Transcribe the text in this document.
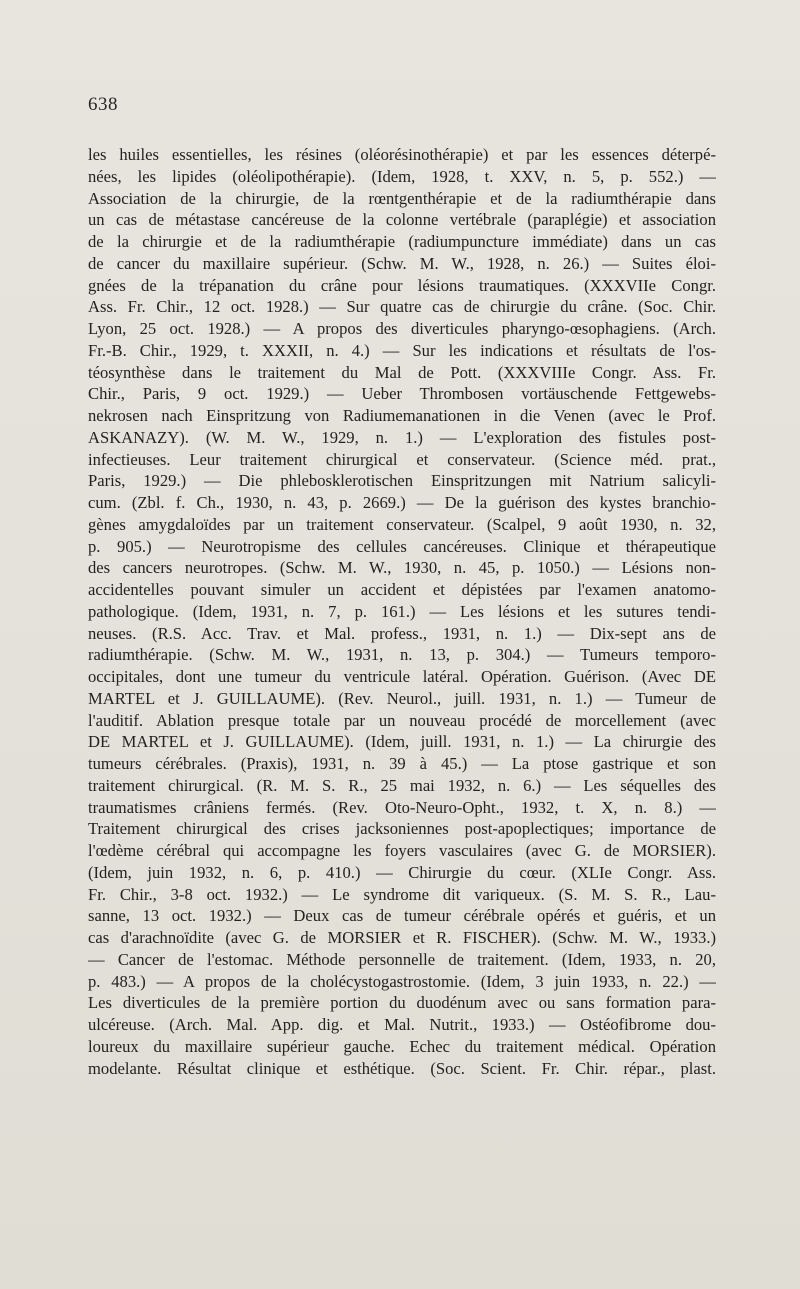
638
les huiles essentielles, les résines (oléorésinothérapie) et par les essences déterpé-
nées, les lipides (oléolipothérapie). (Idem, 1928, t. XXV, n. 5, p. 552.) —
Association de la chirurgie, de la rœntgenthérapie et de la radiumthérapie dans
un cas de métastase cancéreuse de la colonne vertébrale (paraplégie) et association
de la chirurgie et de la radiumthérapie (radiumpuncture immédiate) dans un cas
de cancer du maxillaire supérieur. (Schw. M. W., 1928, n. 26.) — Suites éloi-
gnées de la trépanation du crâne pour lésions traumatiques. (XXXVIIe Congr.
Ass. Fr. Chir., 12 oct. 1928.) — Sur quatre cas de chirurgie du crâne. (Soc. Chir.
Lyon, 25 oct. 1928.) — A propos des diverticules pharyngo-œsophagiens. (Arch.
Fr.-B. Chir., 1929, t. XXXII, n. 4.) — Sur les indications et résultats de l'os-
téosynthèse dans le traitement du Mal de Pott. (XXXVIIIe Congr. Ass. Fr.
Chir., Paris, 9 oct. 1929.) — Ueber Thrombosen vortäuschende Fettgewebs-
nekrosen nach Einspritzung von Radiumemanationen in die Venen (avec le Prof.
ASKANAZY). (W. M. W., 1929, n. 1.) — L'exploration des fistules post-
infectieuses. Leur traitement chirurgical et conservateur. (Science méd. prat.,
Paris, 1929.) — Die phlebosklerotischen Einspritzungen mit Natrium salicyli-
cum. (Zbl. f. Ch., 1930, n. 43, p. 2669.) — De la guérison des kystes branchio-
gènes amygdaloïdes par un traitement conservateur. (Scalpel, 9 août 1930, n. 32,
p. 905.) — Neurotropisme des cellules cancéreuses. Clinique et thérapeutique
des cancers neurotropes. (Schw. M. W., 1930, n. 45, p. 1050.) — Lésions non-
accidentelles pouvant simuler un accident et dépistées par l'examen anatomo-
pathologique. (Idem, 1931, n. 7, p. 161.) — Les lésions et les sutures tendi-
neuses. (R.S. Acc. Trav. et Mal. profess., 1931, n. 1.) — Dix-sept ans de
radiumthérapie. (Schw. M. W., 1931, n. 13, p. 304.) — Tumeurs temporo-
occipitales, dont une tumeur du ventricule latéral. Opération. Guérison. (Avec DE
MARTEL et J. GUILLAUME). (Rev. Neurol., juill. 1931, n. 1.) — Tumeur de
l'auditif. Ablation presque totale par un nouveau procédé de morcellement (avec
DE MARTEL et J. GUILLAUME). (Idem, juill. 1931, n. 1.) — La chirurgie des
tumeurs cérébrales. (Praxis), 1931, n. 39 à 45.) — La ptose gastrique et son
traitement chirurgical. (R. M. S. R., 25 mai 1932, n. 6.) — Les séquelles des
traumatismes crâniens fermés. (Rev. Oto-Neuro-Opht., 1932, t. X, n. 8.) —
Traitement chirurgical des crises jacksoniennes post-apoplectiques; importance de
l'œdème cérébral qui accompagne les foyers vasculaires (avec G. de MORSIER).
(Idem, juin 1932, n. 6, p. 410.) — Chirurgie du cœur. (XLIe Congr. Ass.
Fr. Chir., 3-8 oct. 1932.) — Le syndrome dit variqueux. (S. M. S. R., Lau-
sanne, 13 oct. 1932.) — Deux cas de tumeur cérébrale opérés et guéris, et un
cas d'arachnoïdite (avec G. de MORSIER et R. FISCHER). (Schw. M. W., 1933.)
— Cancer de l'estomac. Méthode personnelle de traitement. (Idem, 1933, n. 20,
p. 483.) — A propos de la cholécystogastrostomie. (Idem, 3 juin 1933, n. 22.) —
Les diverticules de la première portion du duodénum avec ou sans formation para-
ulcéreuse. (Arch. Mal. App. dig. et Mal. Nutrit., 1933.) — Ostéofibrome dou-
loureux du maxillaire supérieur gauche. Echec du traitement médical. Opération
modelante. Résultat clinique et esthétique. (Soc. Scient. Fr. Chir. répar., plast.
